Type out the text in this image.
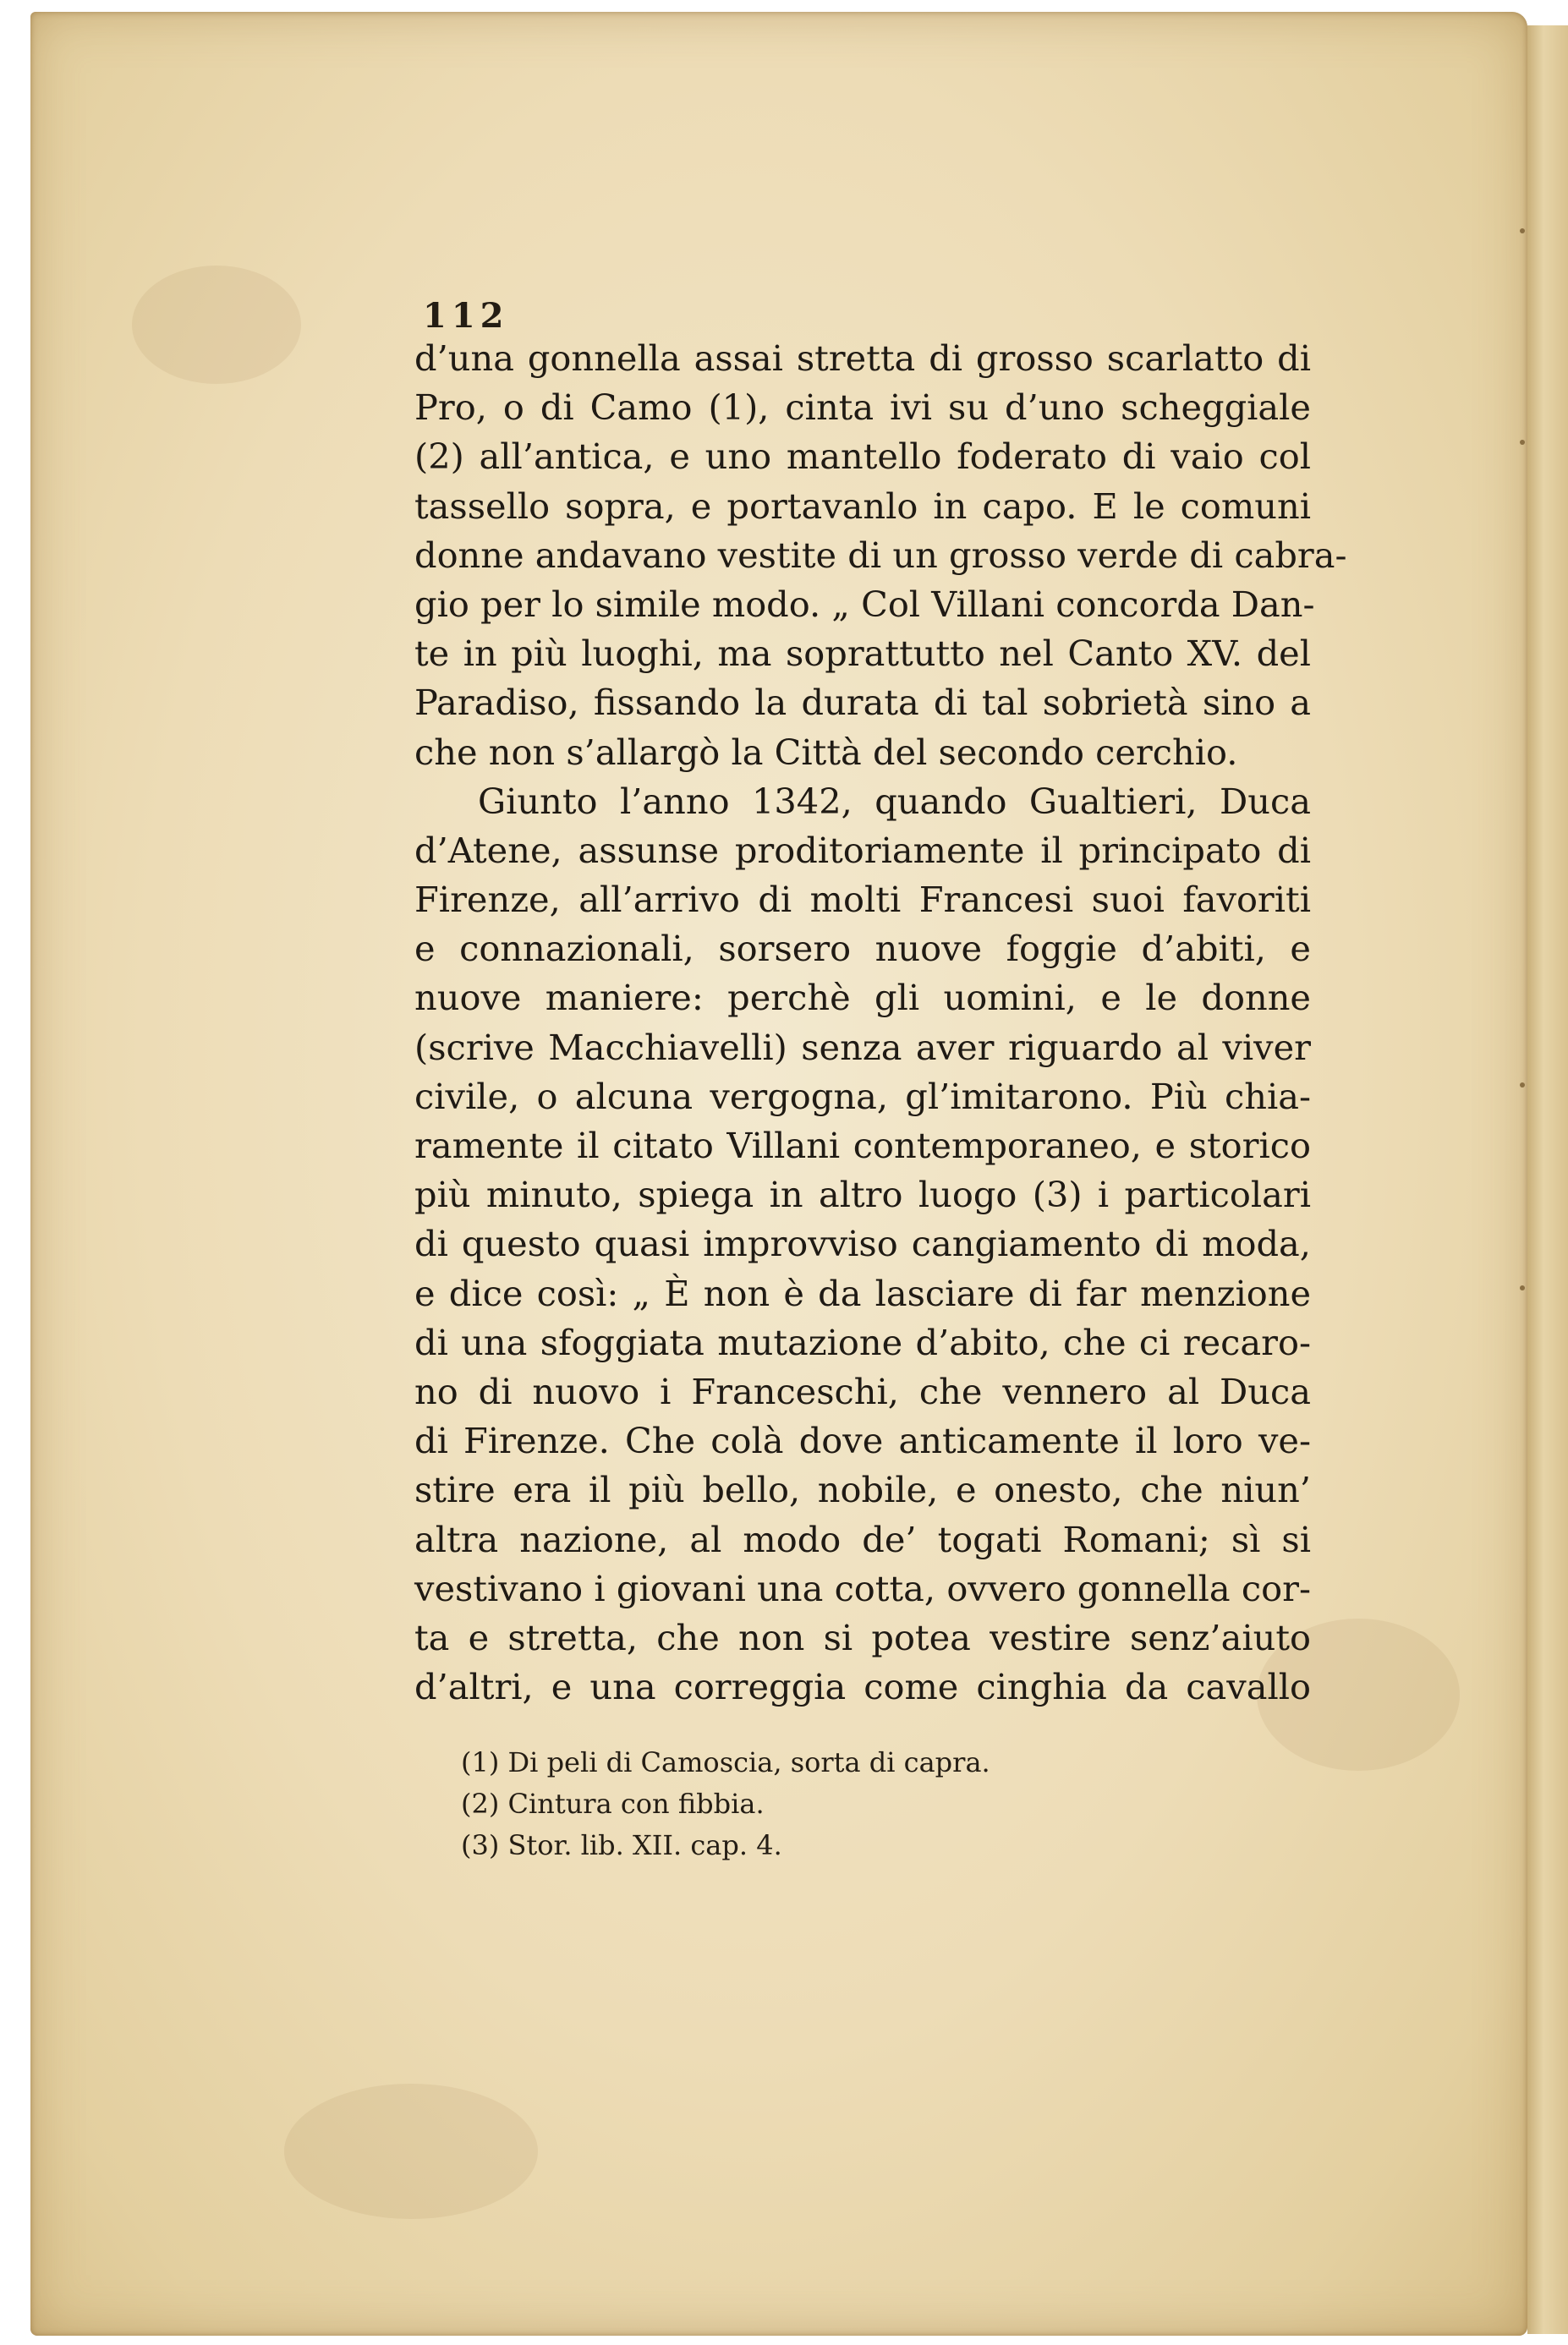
112
d’una gonnella assai stretta di grosso scarlatto di
Pro, o di Camo (1), cinta ivi su d’uno scheggiale
(2) all’antica, e uno mantello foderato di vaio col
tassello sopra, e portavanlo in capo. E le comuni
donne andavano vestite di un grosso verde di cabra-
gio per lo simile modo. „ Col Villani concorda Dan-
te in più luoghi, ma soprattutto nel Canto XV. del
Paradiso, fissando la durata di tal sobrietà sino a
che non s’allargò la Città del secondo cerchio.
Giunto l’anno 1342, quando Gualtieri, Duca
d’Atene, assunse proditoriamente il principato di
Firenze, all’arrivo di molti Francesi suoi favoriti
e connazionali, sorsero nuove foggie d’abiti, e
nuove maniere: perchè gli uomini, e le donne
(scrive Macchiavelli) senza aver riguardo al viver
civile, o alcuna vergogna, gl’imitarono. Più chia-
ramente il citato Villani contemporaneo, e storico
più minuto, spiega in altro luogo (3) i particolari
di questo quasi improvviso cangiamento di moda,
e dice così: „ È non è da lasciare di far menzione
di una sfoggiata mutazione d’abito, che ci recaro-
no di nuovo i Franceschi, che vennero al Duca
di Firenze. Che colà dove anticamente il loro ve-
stire era il più bello, nobile, e onesto, che niun’
altra nazione, al modo de’ togati Romani; sì si
vestivano i giovani una cotta, ovvero gonnella cor-
ta e stretta, che non si potea vestire senz’aiuto
d’altri, e una correggia come cinghia da cavallo
(1) Di peli di Camoscia, sorta di capra.
(2) Cintura con fibbia.
(3) Stor. lib. XII. cap. 4.
